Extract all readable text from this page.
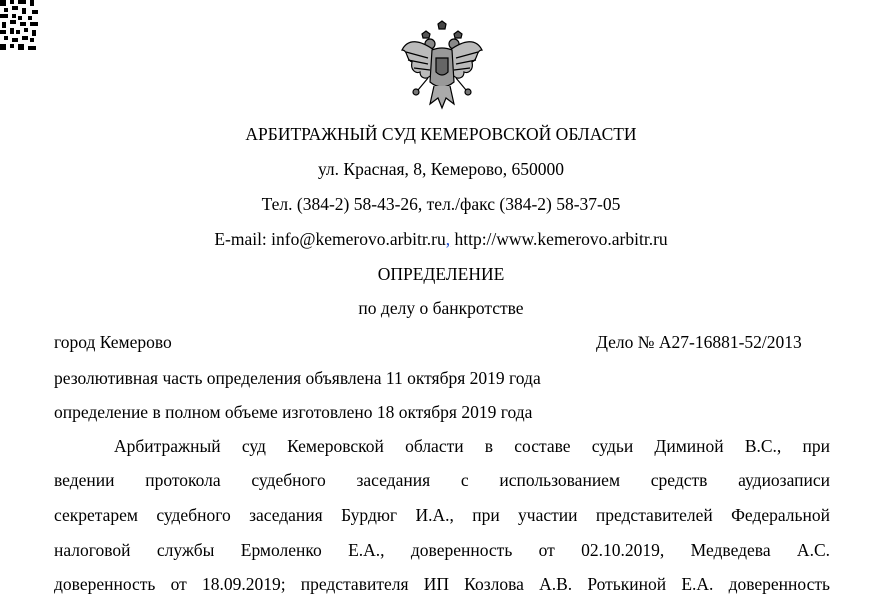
АРБИТРАЖНЫЙ СУД КЕМЕРОВСКОЙ ОБЛАСТИ
ул. Красная, 8, Кемерово, 650000
Тел. (384-2) 58-43-26, тел./факс (384-2) 58-37-05
E-mail: info@kemerovo.arbitr.ru, http://www.kemerovo.arbitr.ru
ОПРЕДЕЛЕНИЕ
по делу о банкротстве
город Кемерово	Дело № А27-16881-52/2013
резолютивная часть определения объявлена 11 октября 2019 года
определение в полном объеме изготовлено 18 октября 2019 года
Арбитражный суд Кемеровской области в составе судьи Диминой В.С., при
ведении протокола судебного заседания с использованием средств аудиозаписи
секретарем судебного заседания Бурдюг И.А., при участии представителей Федеральной
налоговой службы Ермоленко Е.А., доверенность от 02.10.2019, Медведева А.С.
доверенность от 18.09.2019; представителя ИП Козлова А.В. Ротькиной Е.А. доверенность
